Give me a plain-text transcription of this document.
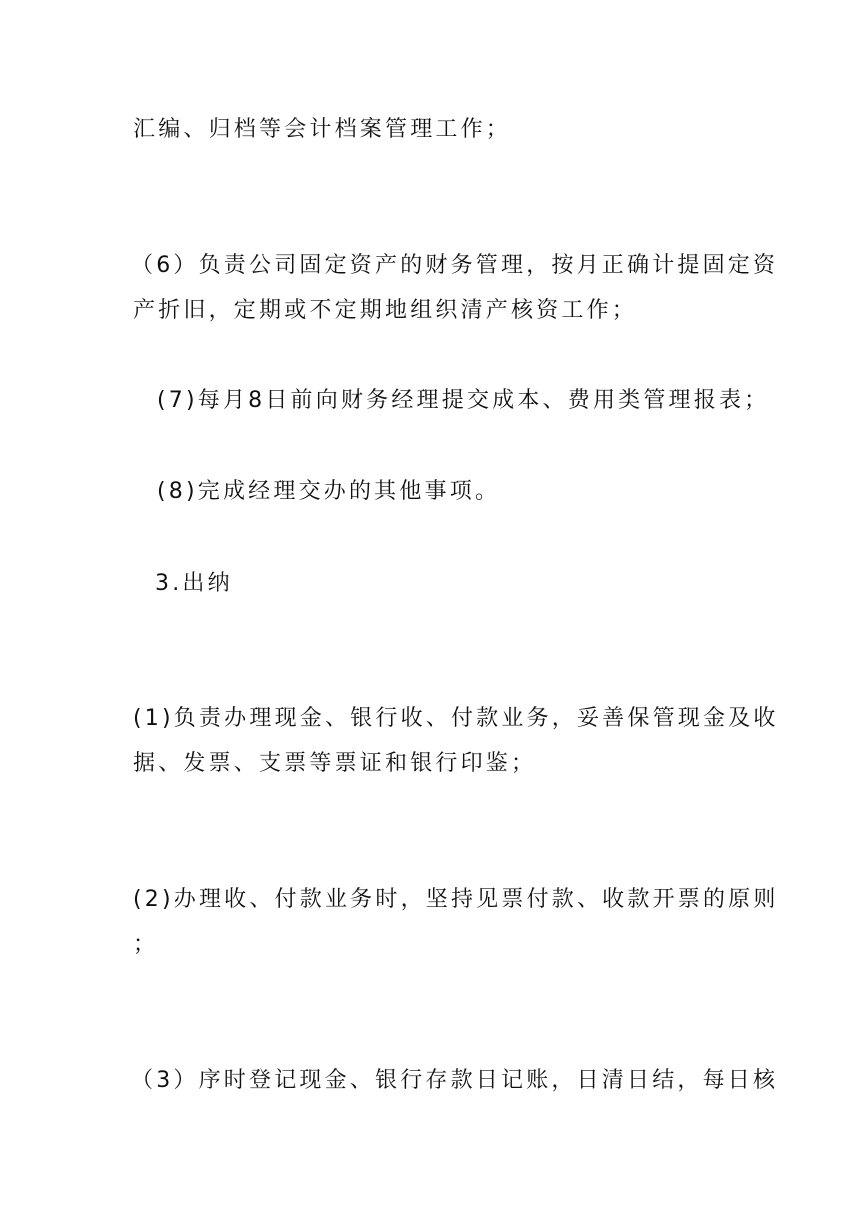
汇编、归档等会计档案管理工作；
（6）负责公司固定资产的财务管理，按月正确计提固定资
产折旧，定期或不定期地组织清产核资工作；
(7)每月8日前向财务经理提交成本、费用类管理报表；
(8)完成经理交办的其他事项。
3.出纳
(1)负责办理现金、银行收、付款业务，妥善保管现金及收
据、发票、支票等票证和银行印鉴；
(2)办理收、付款业务时，坚持见票付款、收款开票的原则
；
（3）序时登记现金、银行存款日记账，日清日结，每日核
